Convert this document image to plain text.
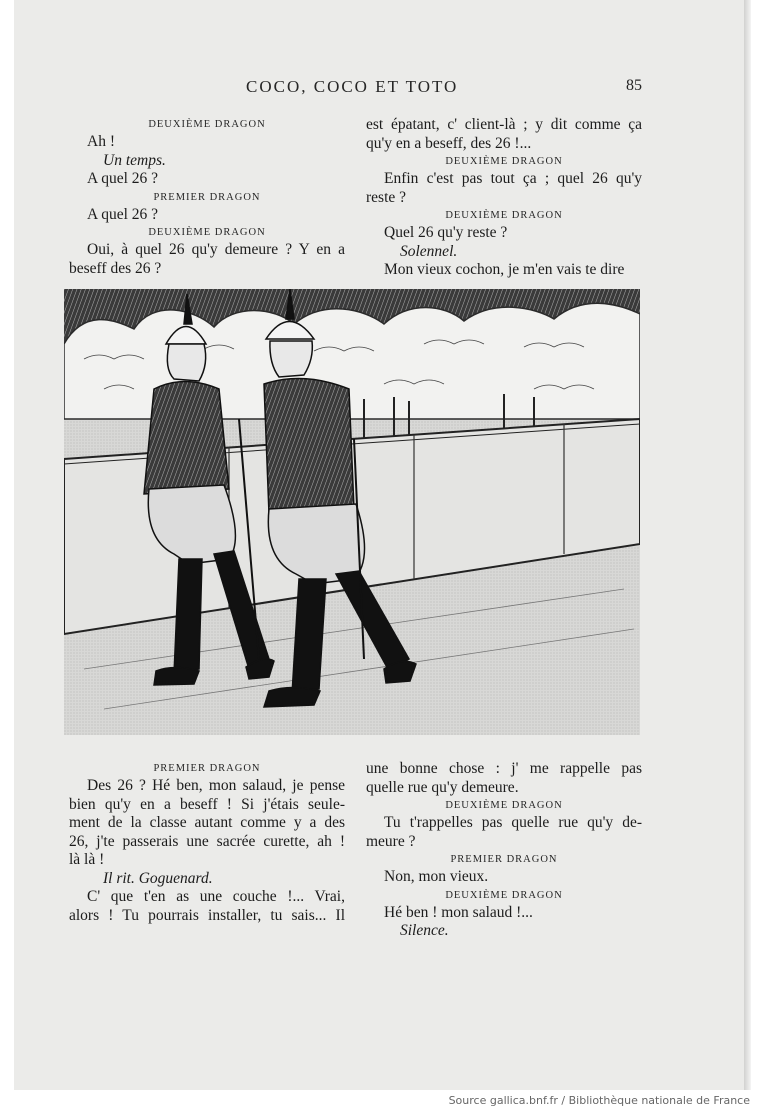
COCO, COCO ET TOTO	85

DEUXIÈME DRAGON

Ah !

Un temps.

A quel 26 ?

PREMIER DRAGON

A quel 26 ?

DEUXIÈME DRAGON

Oui, à quel 26 qu'y demeure ? Y en a

beseff des 26 ?

est épatant, c' client-là ; y dit comme ça

qu'y en a beseff, des 26 !...

DEUXIÈME DRAGON

Enfin c'est pas tout ça ; quel 26 qu'y

reste ?

DEUXIÈME DRAGON

Quel 26 qu'y reste ?

Solennel.

Mon vieux cochon, je m'en vais te dire

PREMIER DRAGON

Des 26 ? Hé ben, mon salaud, je pense

bien qu'y en a beseff ! Si j'étais seule-

ment de la classe autant comme y a des

26, j'te passerais une sacrée curette, ah !

là là !

Il rit. Goguenard.

C' que t'en as une couche !... Vrai,

alors ! Tu pourrais installer, tu sais... Il

une bonne chose : j' me rappelle pas

quelle rue qu'y demeure.

DEUXIÈME DRAGON

Tu t'rappelles pas quelle rue qu'y de-

meure ?

PREMIER DRAGON

Non, mon vieux.

DEUXIÈME DRAGON

Hé ben ! mon salaud !...

Silence.

Source gallica.bnf.fr / Bibliothèque nationale de France
